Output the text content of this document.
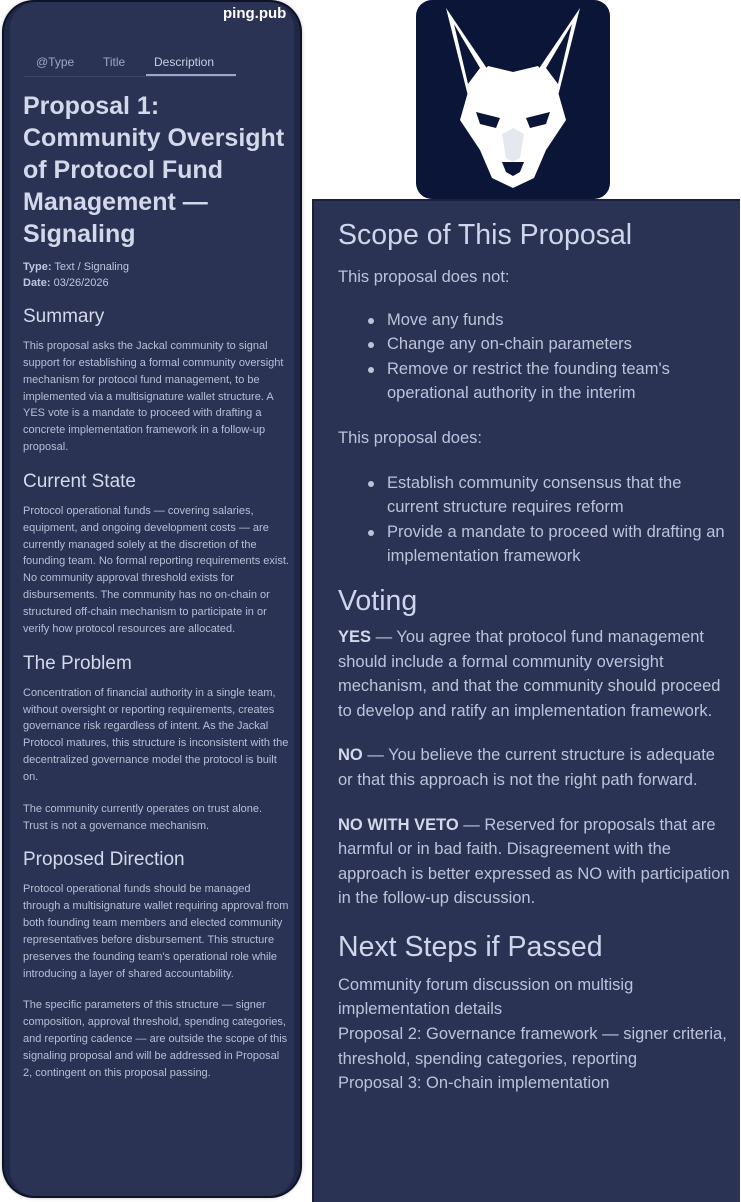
@Type Title Description
Proposal 1: Community Oversight of Protocol Fund Management — Signaling
Type: Text / Signaling
Date: 03/26/2026
Summary

This proposal asks the Jackal community to signal support for establishing a formal community oversight mechanism for protocol fund management, to be implemented via a multisignature wallet structure. A YES vote is a mandate to proceed with drafting a concrete implementation framework in a follow-up proposal.

Current State

Protocol operational funds — covering salaries, equipment, and ongoing development costs — are currently managed solely at the discretion of the founding team. No formal reporting requirements exist. No community approval threshold exists for disbursements. The community has no on-chain or structured off-chain mechanism to participate in or verify how protocol resources are allocated.

The Problem

Concentration of financial authority in a single team, without oversight or reporting requirements, creates governance risk regardless of intent. As the Jackal Protocol matures, this structure is inconsistent with the decentralized governance model the protocol is built on.

The community currently operates on trust alone. Trust is not a governance mechanism.

Proposed Direction

Protocol operational funds should be managed through a multisignature wallet requiring approval from both founding team members and elected community representatives before disbursement. This structure preserves the founding team's operational role while introducing a layer of shared accountability.

The specific parameters of this structure — signer composition, approval threshold, spending categories, and reporting cadence — are outside the scope of this signaling proposal and will be addressed in Proposal 2, contingent on this proposal passing.

ping.pub
Scope of This Proposal

This proposal does not:

Move any funds
Change any on-chain parameters
Remove or restrict the founding team's operational authority in the interim

This proposal does:

Establish community consensus that the current structure requires reform
Provide a mandate to proceed with drafting an implementation framework
Voting

YES — You agree that protocol fund management should include a formal community oversight mechanism, and that the community should proceed to develop and ratify an implementation framework.

NO — You believe the current structure is adequate or that this approach is not the right path forward.

NO WITH VETO — Reserved for proposals that are harmful or in bad faith. Disagreement with the approach is better expressed as NO with participation in the follow-up discussion.

Next Steps if Passed

Community forum discussion on multisig implementation details

Proposal 2: Governance framework — signer criteria, threshold, spending categories, reporting

Proposal 3: On-chain implementation
